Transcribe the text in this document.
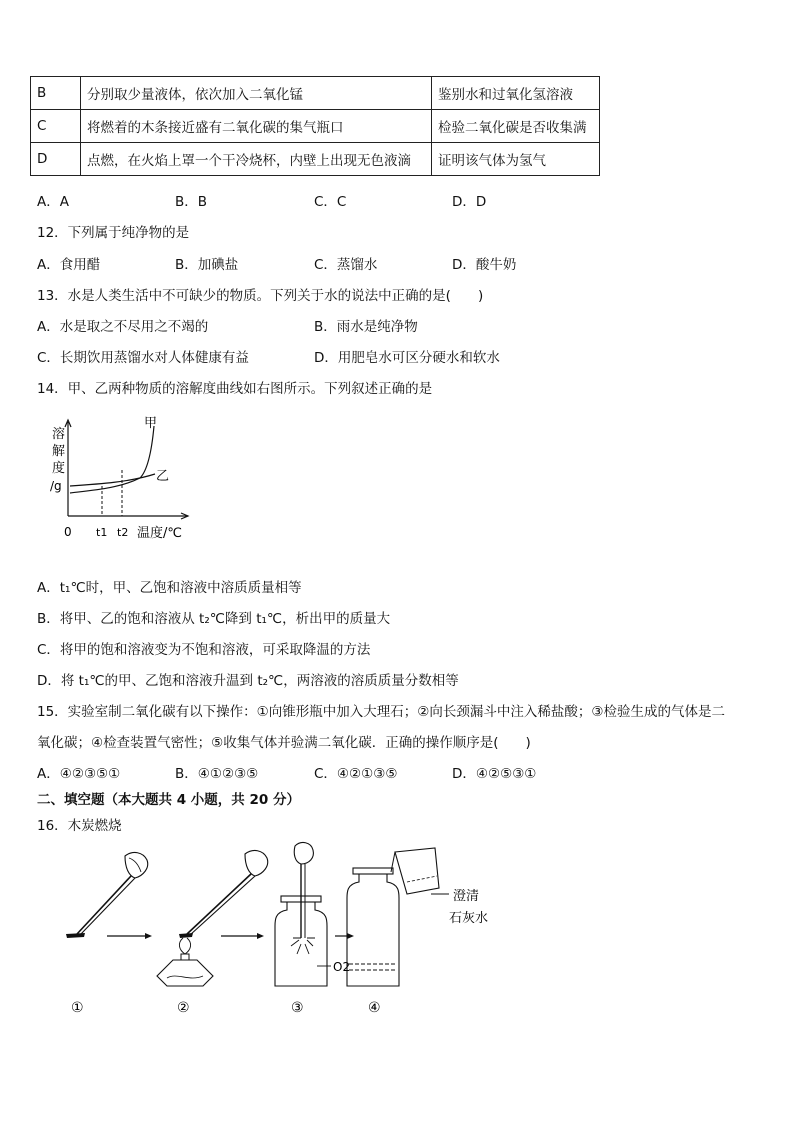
B	分别取少量液体，依次加入二氧化锰	鉴别水和过氧化氢溶液
C	将燃着的木条接近盛有二氧化碳的集气瓶口	检验二氧化碳是否收集满
D	点燃，在火焰上罩一个干冷烧杯，内壁上出现无色液滴	证明该气体为氢气
A．A	B．B	C．C	D．D
12．下列属于纯净物的是
A．食用醋	B．加碘盐	C．蒸馏水	D．酸牛奶
13．水是人类生活中不可缺少的物质。下列关于水的说法中正确的是(　　)
A．水是取之不尽用之不竭的	B．雨水是纯净物
C．长期饮用蒸馏水对人体健康有益	D．用肥皂水可区分硬水和软水
14．甲、乙两种物质的溶解度曲线如右图所示。下列叙述正确的是
溶
解
度
/g
甲
乙
0 t1 t2 温度/℃
A．t₁℃时，甲、乙饱和溶液中溶质质量相等
B．将甲、乙的饱和溶液从 t₂℃降到 t₁℃，析出甲的质量大
C．将甲的饱和溶液变为不饱和溶液，可采取降温的方法
D．将 t₁℃的甲、乙饱和溶液升温到 t₂℃，两溶液的溶质质量分数相等
15．实验室制二氧化碳有以下操作：①向锥形瓶中加入大理石；②向长颈漏斗中注入稀盐酸；③检验生成的气体是二
氧化碳；④检查装置气密性；⑤收集气体并验满二氧化碳．正确的操作顺序是(　　)
A．④②③⑤①	B．④①②③⑤	C．④②①③⑤	D．④②⑤③①
二、填空题（本大题共 4 小题，共 20 分）
16．木炭燃烧
O2
澄清
石灰水
①	②	③	④
